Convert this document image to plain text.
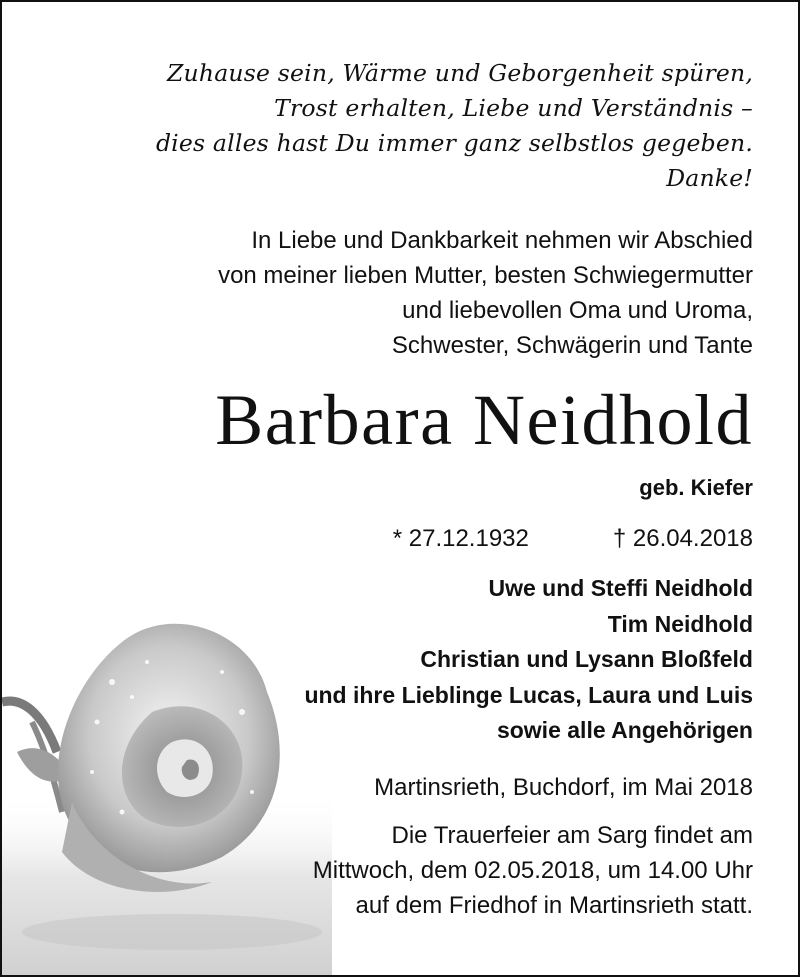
Zuhause sein, Wärme und Geborgenheit spüren,
Trost erhalten, Liebe und Verständnis –
dies alles hast Du immer ganz selbstlos gegeben.
Danke!
In Liebe und Dankbarkeit nehmen wir Abschied
von meiner lieben Mutter, besten Schwiegermutter
und liebevollen Oma und Uroma,
Schwester, Schwägerin und Tante
Barbara Neidhold
geb. Kiefer
* 27.12.1932	† 26.04.2018
Uwe und Steffi Neidhold
Tim Neidhold
Christian und Lysann Bloßfeld
und ihre Lieblinge Lucas, Laura und Luis
sowie alle Angehörigen
Martinsrieth, Buchdorf, im Mai 2018
Die Trauerfeier am Sarg findet am
Mittwoch, dem 02.05.2018, um 14.00 Uhr
auf dem Friedhof in Martinsrieth statt.
